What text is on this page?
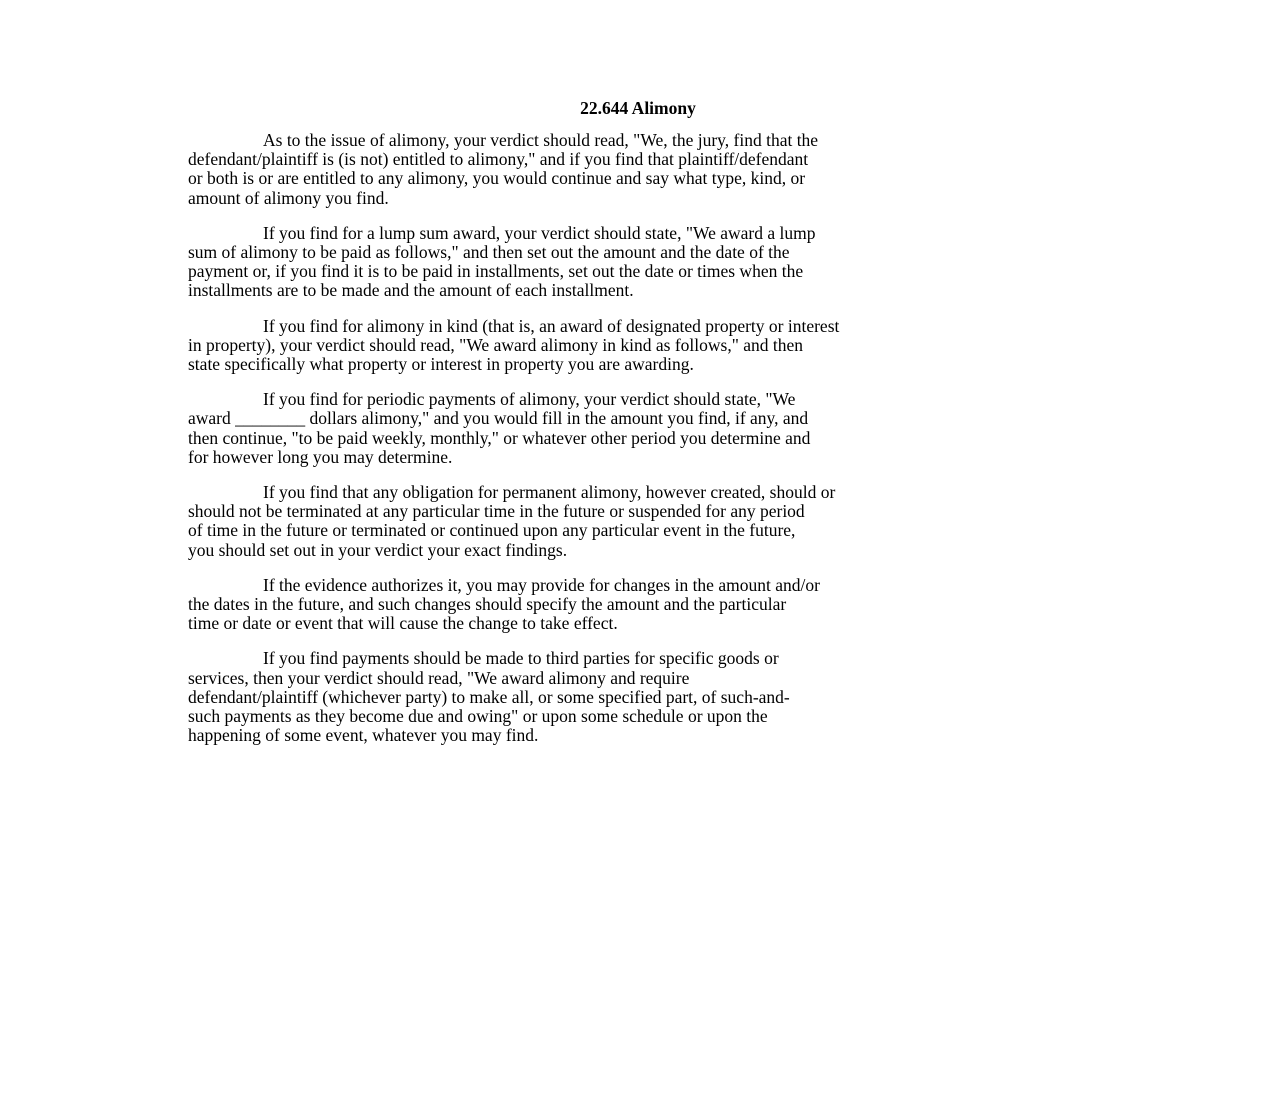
22.644 Alimony

As to the issue of alimony, your verdict should read, "We, the jury, find that the
defendant/plaintiff is (is not) entitled to alimony," and if you find that plaintiff/defendant
or both is or are entitled to any alimony, you would continue and say what type, kind, or
amount of alimony you find.

If you find for a lump sum award, your verdict should state, "We award a lump
sum of alimony to be paid as follows," and then set out the amount and the date of the
payment or, if you find it is to be paid in installments, set out the date or times when the
installments are to be made and the amount of each installment.

If you find for alimony in kind (that is, an award of designated property or interest
in property), your verdict should read, "We award alimony in kind as follows," and then
state specifically what property or interest in property you are awarding.

If you find for periodic payments of alimony, your verdict should state, "We
award ________ dollars alimony," and you would fill in the amount you find, if any, and
then continue, "to be paid weekly, monthly," or whatever other period you determine and
for however long you may determine.

If you find that any obligation for permanent alimony, however created, should or
should not be terminated at any particular time in the future or suspended for any period
of time in the future or terminated or continued upon any particular event in the future,
you should set out in your verdict your exact findings.

If the evidence authorizes it, you may provide for changes in the amount and/or
the dates in the future, and such changes should specify the amount and the particular
time or date or event that will cause the change to take effect.

If you find payments should be made to third parties for specific goods or
services, then your verdict should read, "We award alimony and require
defendant/plaintiff (whichever party) to make all, or some specified part, of such-and-
such payments as they become due and owing" or upon some schedule or upon the
happening of some event, whatever you may find.
